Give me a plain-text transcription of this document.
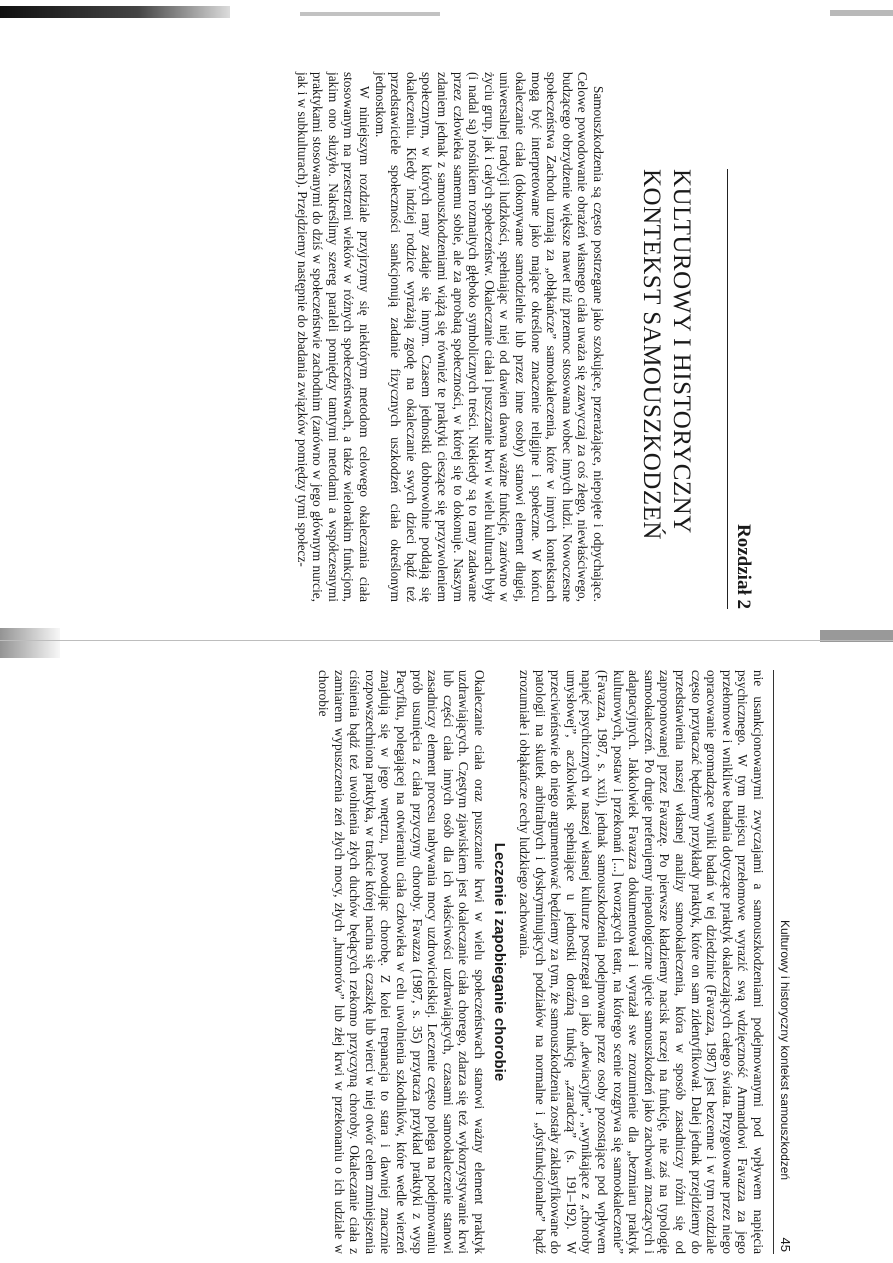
Rozdział 2
KULTUROWY I HISTORYCZNY
KONTEKST SAMOUSZKODZEŃ

Samouszkodzenia są często postrzegane jako szokujące, przerażające, niepojęte i odpychające. Celowe powodowanie obrażeń własnego ciała uważa się zazwyczaj za coś złego, niewłaściwego, budzącego obrzydzenie większe nawet niż przemoc stosowana wobec innych ludzi. Nowoczesne społeczeństwa Zachodu uznają za „obłąkańcze” samookaleczenia, które w innych kontekstach mogą być interpretowane jako mające określone znaczenie religijne i społeczne. W końcu okaleczanie ciała (dokonywane samodzielnie lub przez inne osoby) stanowi element długiej, uniwersalnej tradycji ludzkości, spełniając w niej od dawien dawna ważne funkcje, zarówno w życiu grup, jak i całych społeczeństw. Okaleczanie ciała i puszczanie krwi w wielu kulturach były (i nadal są) nośnikiem rozmaitych głęboko symbolicznych treści. Niekiedy są to rany zadawane przez człowieka samemu sobie, ale za aprobatą społeczności, w której się to dokonuje. Naszym zdaniem jednak z samouszkodzeniami wiążą się również te praktyki cieszące się przyzwoleniem społecznym, w których rany zadaje się innym. Czasem jednostki dobrowolnie poddają się okaleczeniu. Kiedy indziej rodzice wyrażają zgodę na okaleczanie swych dzieci bądź też przedstawiciele społeczności sankcjonują zadanie fizycznych uszkodzeń ciała określonym jednostkom.

W niniejszym rozdziale przyjrzymy się niektórym metodom celowego okaleczania ciała stosowanym na przestrzeni wieków w różnych społeczeństwach, a także wielorakim funkcjom, jakim ono służyło. Nakreślimy szereg paraleli pomiędzy tamtymi metodami a współczesnymi praktykami stosowanymi do dziś w społeczeństwie zachodnim (zarówno w jego głównym nurcie, jak i w subkulturach). Przejdziemy następnie do zbadania związków pomiędzy tymi społecz-

Kulturowy i historyczny kontekst samouszkodzeń
45

nie usankcjonowanymi zwyczajami a samouszkodzeniami podejmowanymi pod wpływem napięcia psychicznego. W tym miejscu przełomowe wyrazić swą wdzięczność Armandowi Favazza za jego przełomowe i wnikliwe badania dotyczące praktyk okaleczających całego świata. Przygotowane przez niego opracowanie gromadzące wyniki badań w tej dziedzinie (Favazza, 1987) jest bezcenne i w tym rozdziale często przytaczać będziemy przykłady praktyk, które on sam zidentyfikował. Dalej jednak przejdziemy do przedstawienia naszej własnej analizy samookaleczenia, która w sposób zasadniczy różni się od zaproponowanej przez Favazzę. Po pierwsze kładziemy nacisk raczej na funkcję, nie zaś na typologię samookaleczeń. Po drugie preferujemy niepatologiczne ujęcie samouszkodzeń jako zachowań znaczących i adaptacyjnych. Jakkolwiek Favazza dokumentował i wyrażał swe zrozumienie dla „bezmiaru praktyk kulturowych, postaw i przekonań [...] tworzących teatr, na którego scenie rozgrywa się samookaleczenie” (Favazza, 1987, s. xxii), jednak samouszkodzenia podejmowane przez osoby pozostające pod wpływem napięć psychicznych w naszej własnej kulturze postrzegał on jako „dewiacyjne”, „wynikające z „choroby umysłowej”, aczkolwiek spełniające u jednostki doraźną funkcję „zaradczą” (s. 191–192). W przeciwieństwie do niego argumentować będziemy za tym, że samouszkodzenia zostały zaklasyfikowane do patologii na skutek arbitralnych i dyskryminujących podziałów na normalne i „dysfunkcjonalne” bądź zrozumiałe i obłąkańcze cechy ludzkiego zachowania.

Leczenie i zapobieganie chorobie

Okaleczanie ciała oraz puszczanie krwi w wielu społeczeństwach stanowi ważny element praktyk uzdrawiających. Częstym zjawiskiem jest okaleczanie ciała chorego, zdarza się też wykorzystywanie krwi lub części ciała innych osób dla ich właściwości uzdrawiających, czasami samookaleczenie stanowi zasadniczy element procesu nabywania mocy uzdrowicielskiej. Leczenie często polega na podejmowaniu prób usunięcia z ciała przyczyny choroby. Favazza (1987, s. 35) przytacza przykład praktyki z wysp Pacyfiku, polegającej na otwieraniu ciała człowieka w celu uwolnienia szkodników, które wedle wierzeń znajdują się w jego wnętrzu, powodując chorobę. Z kolei trepanacja to stara i dawniej znacznie rozpowszechniona praktyka, w trakcie której nacina się czaszkę lub wierci w niej otwór celem zmniejszenia ciśnienia bądź też uwolnienia złych duchów będących rzekomo przyczyną choroby. Okaleczanie ciała z zamiarem wypuszczenia zeń złych mocy, złych „humorów” lub złej krwi w przekonaniu o ich udziale w chorobie
